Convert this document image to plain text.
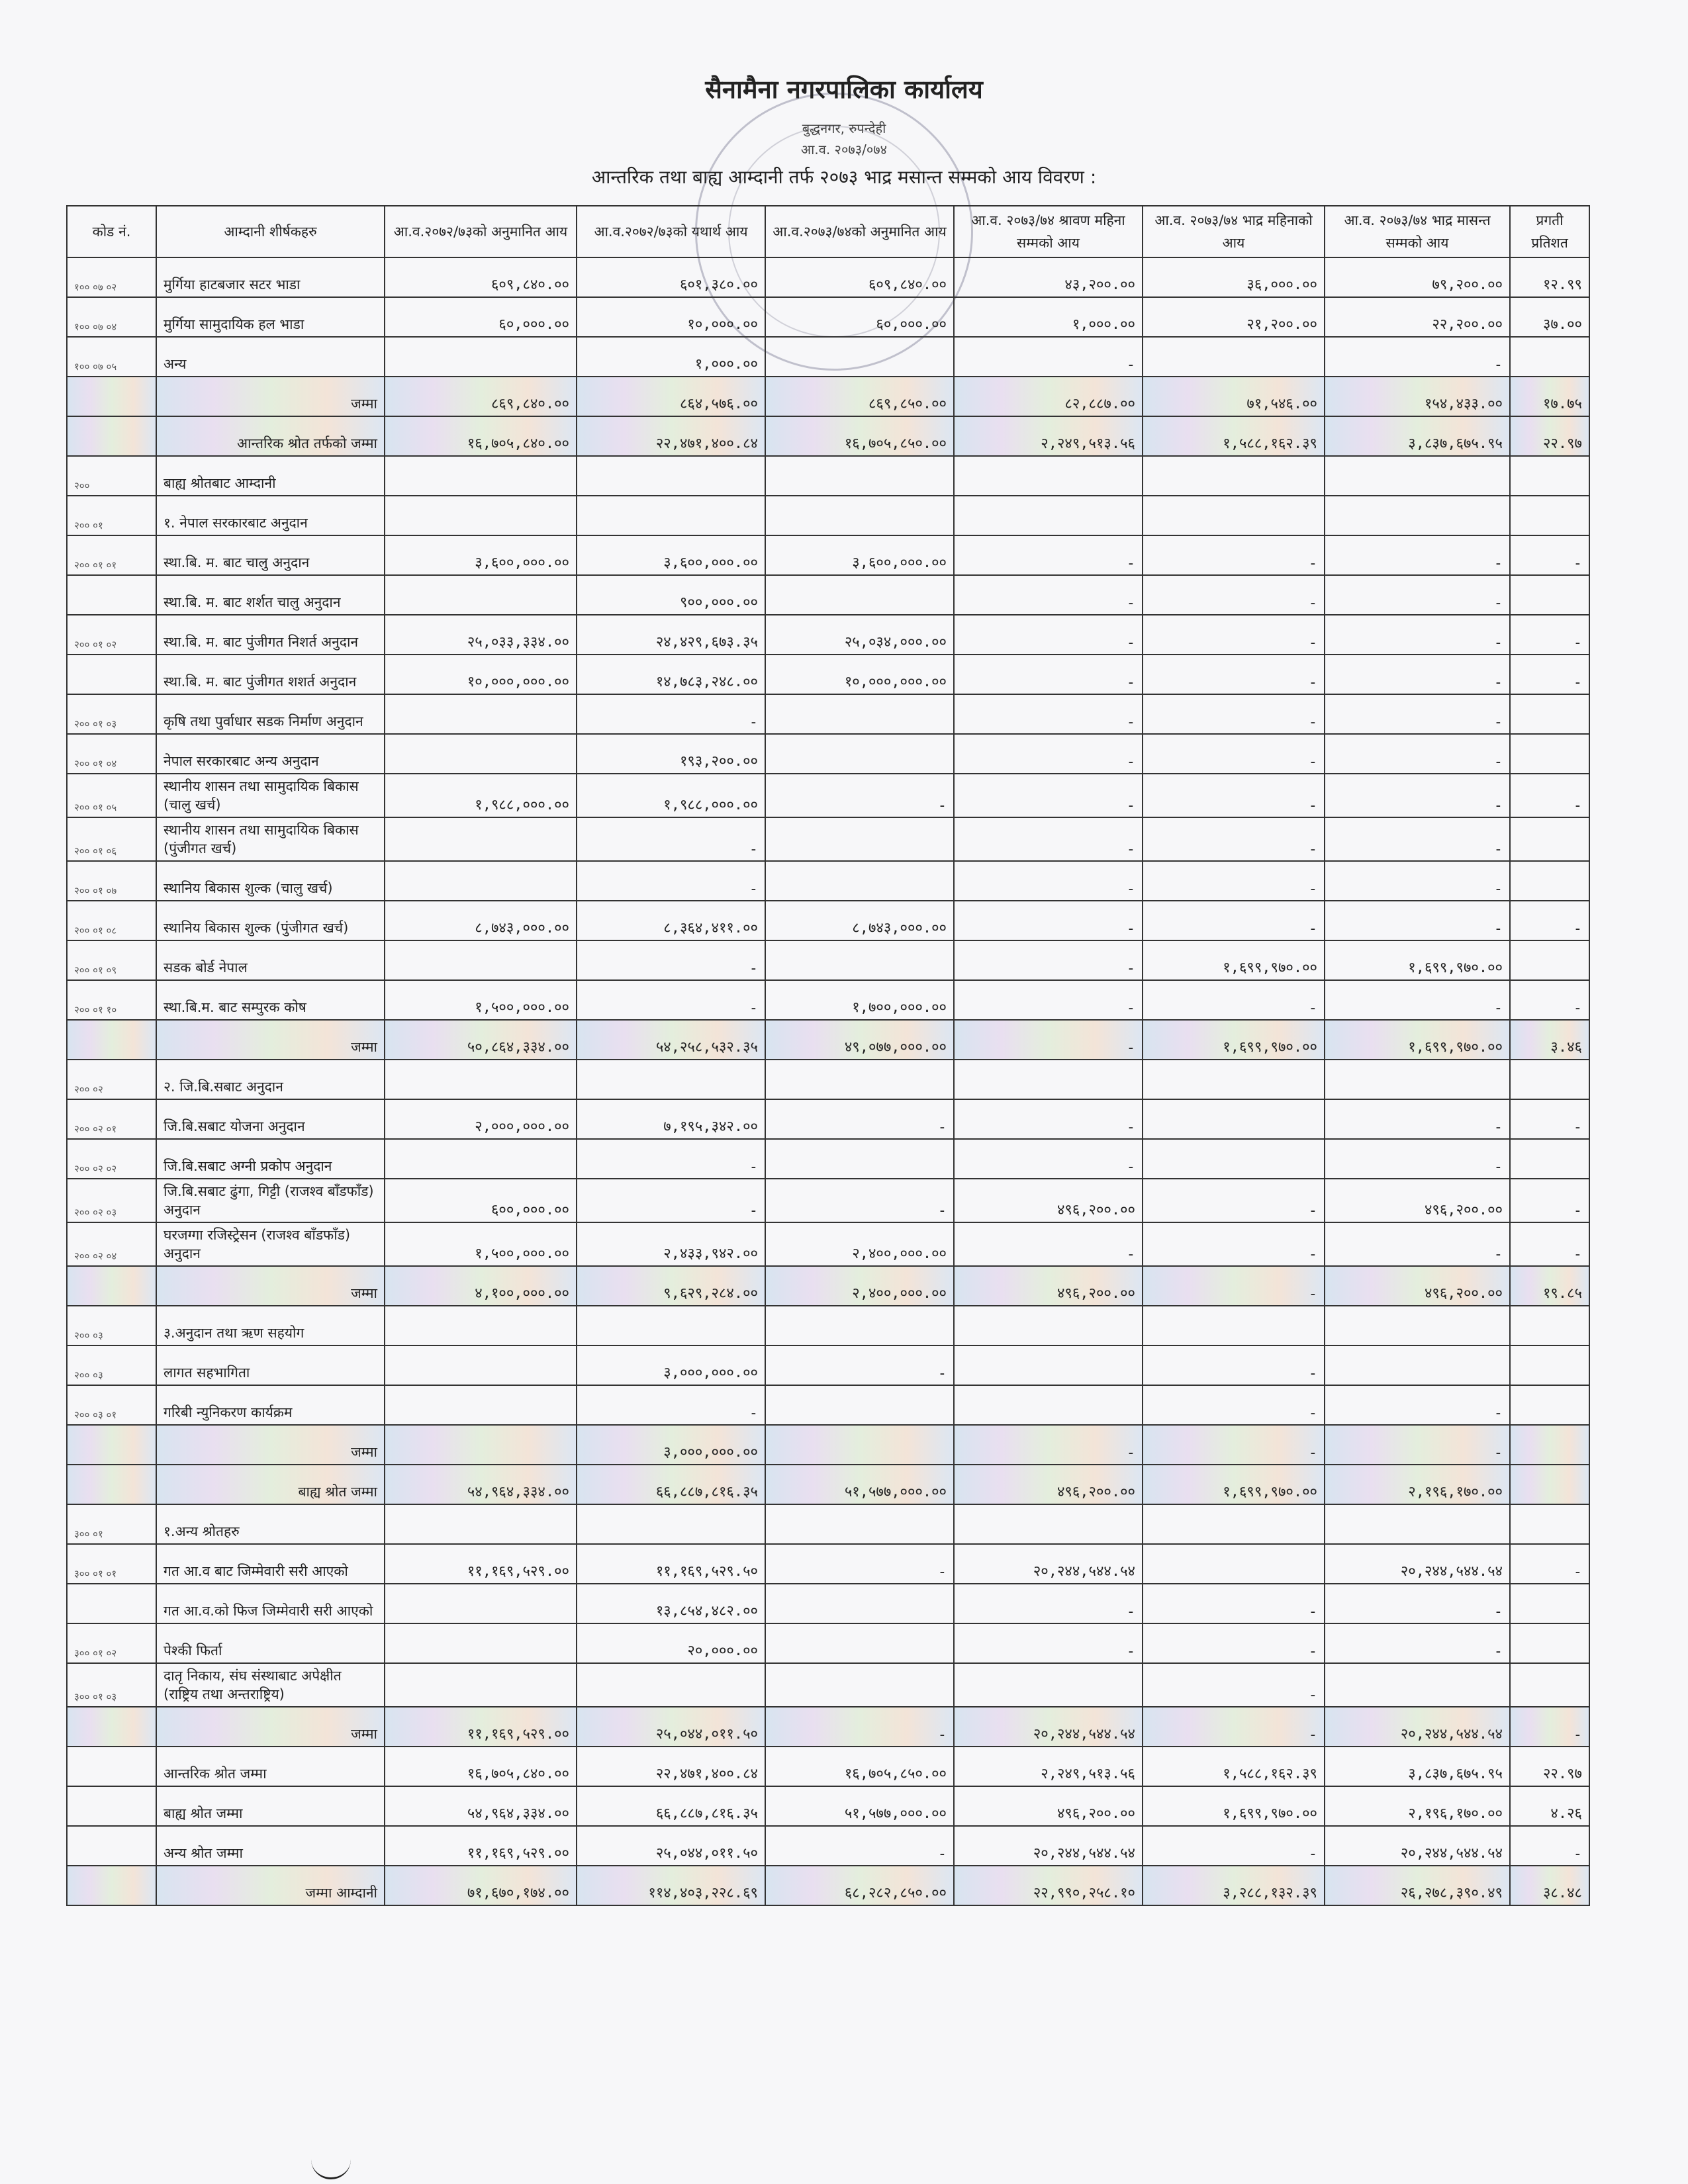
सैनामैना नगरपालिका कार्यालय
बुद्धनगर, रुपन्देही
आ.व. २०७३/०७४
आन्तरिक तथा बाह्य आम्दानी तर्फ २०७३ भाद्र मसान्त सम्मको आय विवरण :
कोड नं.	आम्दानी शीर्षकहरु	आ.व.२०७२/७३को अनुमानित आय	आ.व.२०७२/७३को यथार्थ आय	आ.व.२०७३/७४को अनुमानित आय	आ.व. २०७३/७४ श्रावण महिना सम्मको आय	आ.व. २०७३/७४ भाद्र महिनाको आय	आ.व. २०७३/७४ भाद्र मासन्त सम्मको आय	प्रगती प्रतिशत
१०० ०७ ०२	मुर्गिया हाटबजार सटर भाडा	६०९,८४०.००	६०१,३८०.००	६०९,८४०.००	४३,२००.००	३६,०००.००	७९,२००.००	१२.९९
१०० ०७ ०४	मुर्गिया सामुदायिक हल भाडा	६०,०००.००	१०,०००.००	६०,०००.००	१,०००.००	२१,२००.००	२२,२००.००	३७.००
१०० ०७ ०५	अन्य		१,०००.००		-		-	
	जम्मा	८६९,८४०.००	८६४,५७६.००	८६९,८५०.००	८२,८८७.००	७१,५४६.००	१५४,४३३.००	१७.७५
	आन्तरिक श्रोत तर्फको जम्मा	१६,७०५,८४०.००	२२,४७१,४००.८४	१६,७०५,८५०.००	२,२४९,५१३.५६	१,५८८,१६२.३९	३,८३७,६७५.९५	२२.९७
२००	बाह्य श्रोतबाट आम्दानी							
२०० ०१	१. नेपाल सरकारबाट अनुदान							
२०० ०१ ०१	स्था.बि. म. बाट चालु अनुदान	३,६००,०००.००	३,६००,०००.००	३,६००,०००.००	-	-	-	-
	स्था.बि. म. बाट शर्शत चालु अनुदान		९००,०००.००		-	-	-	
२०० ०१ ०२	स्था.बि. म. बाट पुंजीगत निशर्त अनुदान	२५,०३३,३३४.००	२४,४२९,६७३.३५	२५,०३४,०००.००	-	-	-	-
	स्था.बि. म. बाट पुंजीगत शशर्त अनुदान	१०,०००,०००.००	१४,७८३,२४८.००	१०,०००,०००.००	-	-	-	-
२०० ०१ ०३	कृषि तथा पुर्वाधार सडक निर्माण अनुदान		-		-	-	-	
२०० ०१ ०४	नेपाल सरकारबाट अन्य अनुदान		१९३,२००.००		-	-	-	
२०० ०१ ०५	स्थानीय शासन तथा सामुदायिक बिकास (चालु खर्च)	१,९८८,०००.००	१,९८८,०००.००	-	-	-	-	-
२०० ०१ ०६	स्थानीय शासन तथा सामुदायिक बिकास (पुंजीगत खर्च)		-		-	-	-	
२०० ०१ ०७	स्थानिय बिकास शुल्क (चालु खर्च)		-		-	-	-	
२०० ०१ ०८	स्थानिय बिकास शुल्क (पुंजीगत खर्च)	८,७४३,०००.००	८,३६४,४११.००	८,७४३,०००.००	-	-	-	-
२०० ०१ ०९	सडक बोर्ड नेपाल		-		-	१,६९९,९७०.००	१,६९९,९७०.००	
२०० ०१ १०	स्था.बि.म. बाट सम्पुरक कोष	१,५००,०००.००	-	१,७००,०००.००	-	-	-	-
	जम्मा	५०,८६४,३३४.००	५४,२५८,५३२.३५	४९,०७७,०००.००	-	१,६९९,९७०.००	१,६९९,९७०.००	३.४६
२०० ०२	२. जि.बि.सबाट अनुदान							
२०० ०२ ०१	जि.बि.सबाट योजना अनुदान	२,०००,०००.००	७,१९५,३४२.००	-	-		-	-
२०० ०२ ०२	जि.बि.सबाट अग्नी प्रकोप अनुदान		-		-		-	
२०० ०२ ०३	जि.बि.सबाट ढुंगा, गिट्टी (राजश्व बाँडफाँड) अनुदान	६००,०००.००	-	-	४९६,२००.००	-	४९६,२००.००	-
२०० ०२ ०४	घरजग्गा रजिस्ट्रेसन (राजश्व बाँडफाँड) अनुदान	१,५००,०००.००	२,४३३,९४२.००	२,४००,०००.००	-	-	-	-
	जम्मा	४,१००,०००.००	९,६२९,२८४.००	२,४००,०००.००	४९६,२००.००	-	४९६,२००.००	१९.८५
२०० ०३	३.अनुदान तथा ऋण सहयोग							
२०० ०३	लागत सहभागिता		३,०००,०००.००	-		-		
२०० ०३ ०१	गरिबी न्युनिकरण कार्यक्रम		-			-	-	
	जम्मा		३,०००,०००.००		-	-	-	
	बाह्य श्रोत जम्मा	५४,९६४,३३४.००	६६,८८७,८१६.३५	५१,५७७,०००.००	४९६,२००.००	१,६९९,९७०.००	२,१९६,१७०.००	
३०० ०१	१.अन्य श्रोतहरु							
३०० ०१ ०१	गत आ.व बाट जिम्मेवारी सरी आएको	११,१६९,५२९.००	११,१६९,५२९.५०	-	२०,२४४,५४४.५४		२०,२४४,५४४.५४	-
	गत आ.व.को फिज जिम्मेवारी सरी आएको		१३,८५४,४८२.००		-	-	-	
३०० ०१ ०२	पेश्की फिर्ता		२०,०००.००		-	-	-	
३०० ०१ ०३	दातृ निकाय, संघ संस्थाबाट अपेक्षीत (राष्ट्रिय तथा अन्तराष्ट्रिय)					-		
	जम्मा	११,१६९,५२९.००	२५,०४४,०११.५०	-	२०,२४४,५४४.५४	-	२०,२४४,५४४.५४	-
	आन्तरिक श्रोत जम्मा	१६,७०५,८४०.००	२२,४७१,४००.८४	१६,७०५,८५०.००	२,२४९,५१३.५६	१,५८८,१६२.३९	३,८३७,६७५.९५	२२.९७
	बाह्य श्रोत जम्मा	५४,९६४,३३४.००	६६,८८७,८१६.३५	५१,५७७,०००.००	४९६,२००.००	१,६९९,९७०.००	२,१९६,१७०.००	४.२६
	अन्य श्रोत जम्मा	११,१६९,५२९.००	२५,०४४,०११.५०	-	२०,२४४,५४४.५४	-	२०,२४४,५४४.५४	-
	जम्मा आम्दानी	७१,६७०,१७४.००	११४,४०३,२२८.६९	६८,२८२,८५०.००	२२,९९०,२५८.१०	३,२८८,१३२.३९	२६,२७८,३९०.४९	३८.४८
